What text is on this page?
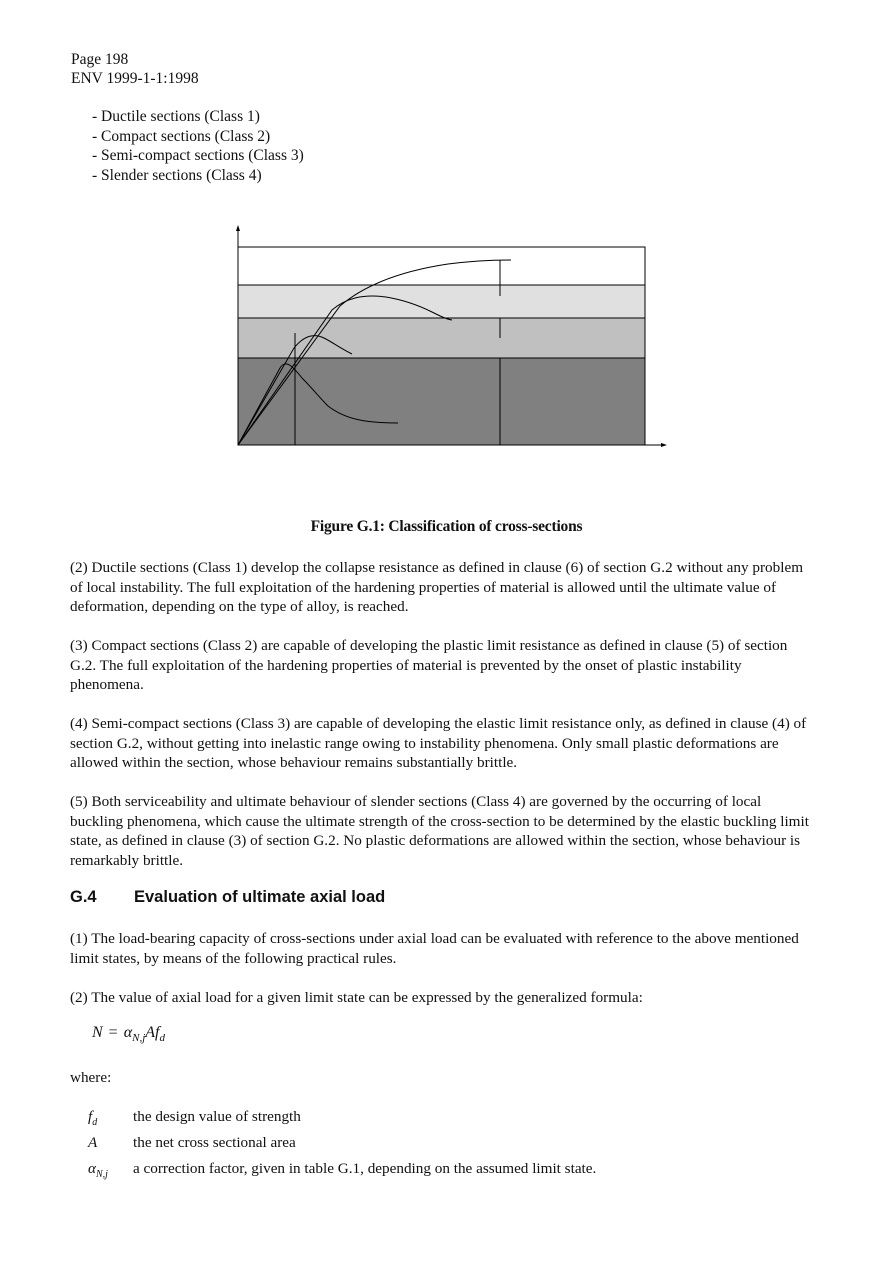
Page 198
ENV 1999-1-1:1998
- Ductile sections (Class 1)
- Compact sections (Class 2)
- Semi-compact sections (Class 3)
- Slender sections (Class 4)
Figure G.1: Classification of cross-sections

(2) Ductile sections (Class 1) develop the collapse resistance as defined in clause (6) of section G.2 without any problem of local instability. The full exploitation of the hardening properties of material is allowed until the ultimate value of deformation, depending on the type of alloy, is reached.

(3) Compact sections (Class 2) are capable of developing the plastic limit resistance as defined in clause (5) of section G.2. The full exploitation of the hardening properties of material is prevented by the onset of plastic instability phenomena.

(4) Semi-compact sections (Class 3) are capable of developing the elastic limit resistance only, as defined in clause (4) of section G.2, without getting into inelastic range owing to instability phenomena. Only small plastic deformations are allowed within the section, whose behaviour remains substantially brittle.

(5) Both serviceability and ultimate behaviour of slender sections (Class 4) are governed by the occurring of local buckling phenomena, which cause the ultimate strength of the cross-section to be determined by the elastic buckling limit state, as defined in clause (3) of section G.2. No plastic deformations are allowed within the section, whose behaviour is remarkably brittle.

G.4 Evaluation of ultimate axial load

(1) The load-bearing capacity of cross-sections under axial load can be evaluated with reference to the above mentioned limit states, by means of the following practical rules.

(2) The value of axial load for a given limit state can be expressed by the generalized formula:

$N = \alpha_{N,j}Af_d$
where:
$f_d$	the design value of strength
A	the net cross sectional area
$\alpha_{N,j}$	a correction factor, given in table G.1, depending on the assumed limit state.
